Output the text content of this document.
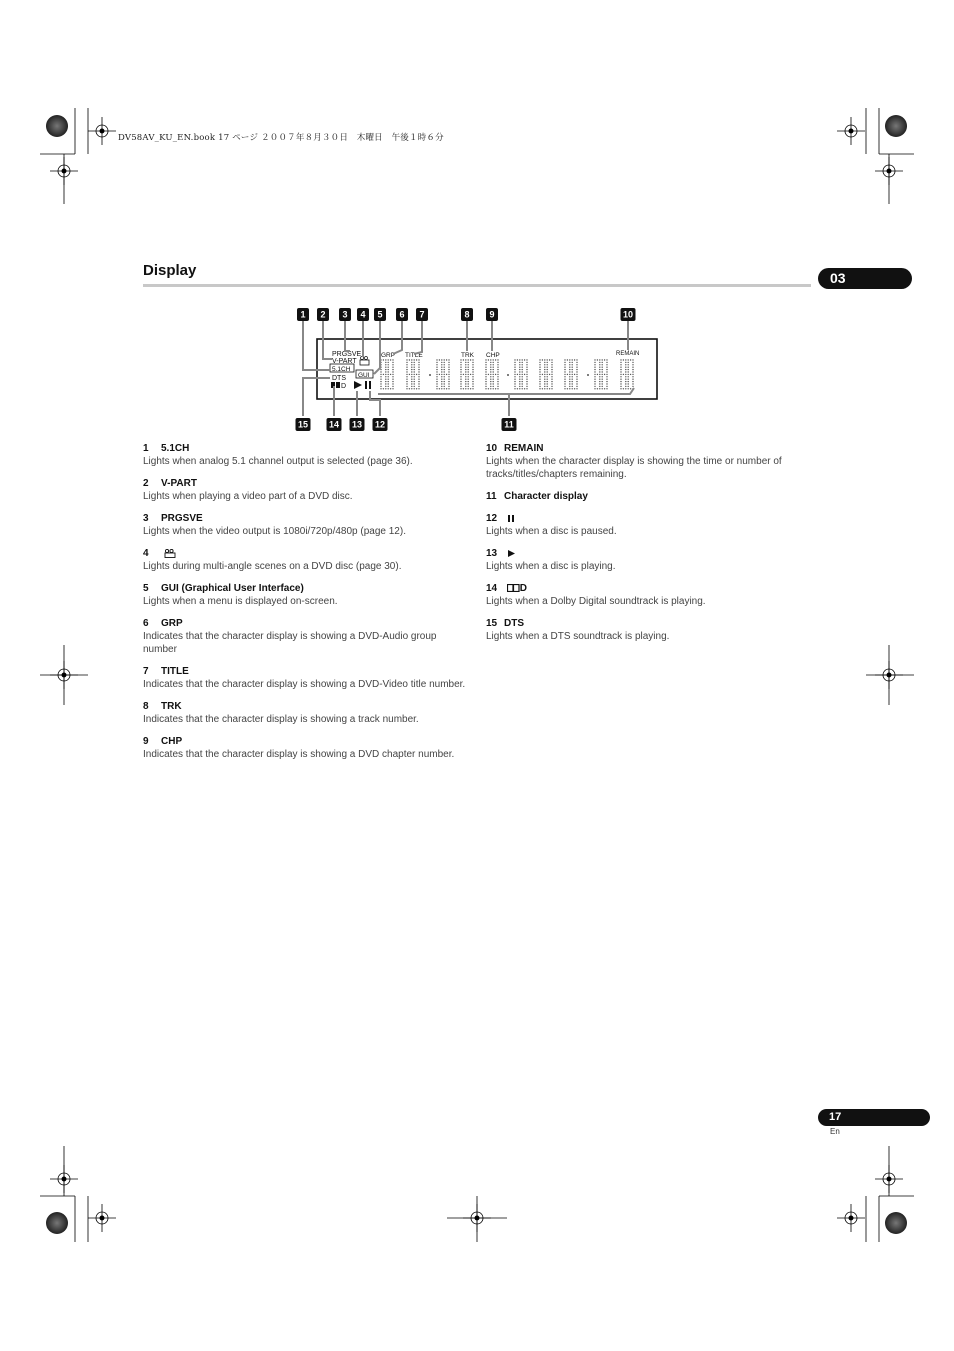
DV58AV_KU_EN.book 17 ページ ２００７年８月３０日　木曜日　午後１時６分
Display	03
PRGSVE
V-PART
5.1CH
DTS
D
GUI
GRP TITLE	TRK CHP	REMAIN
1 2 3 4 5 6 7	8 9	10
15 14 13 12	11
1 5.1CH
Lights when analog 5.1 channel output is selected (page 36).
2 V-PART
Lights when playing a video part of a DVD disc.
3 PRGSVE
Lights when the video output is 1080i/720p/480p (page 12).
4
Lights during multi-angle scenes on a DVD disc (page 30).
5 GUI (Graphical User Interface)
Lights when a menu is displayed on-screen.
6 GRP
Indicates that the character display is showing a DVD-Audio group number
7 TITLE
Indicates that the character display is showing a DVD-Video title number.
8 TRK
Indicates that the character display is showing a track number.
9 CHP
Indicates that the character display is showing a DVD chapter number.
10 REMAIN
Lights when the character display is showing the time or number of tracks/titles/chapters remaining.
11 Character display
12
Lights when a disc is paused.
13
Lights when a disc is playing.
14 D
Lights when a Dolby Digital soundtrack is playing.
15 DTS
Lights when a DTS soundtrack is playing.
17
En
